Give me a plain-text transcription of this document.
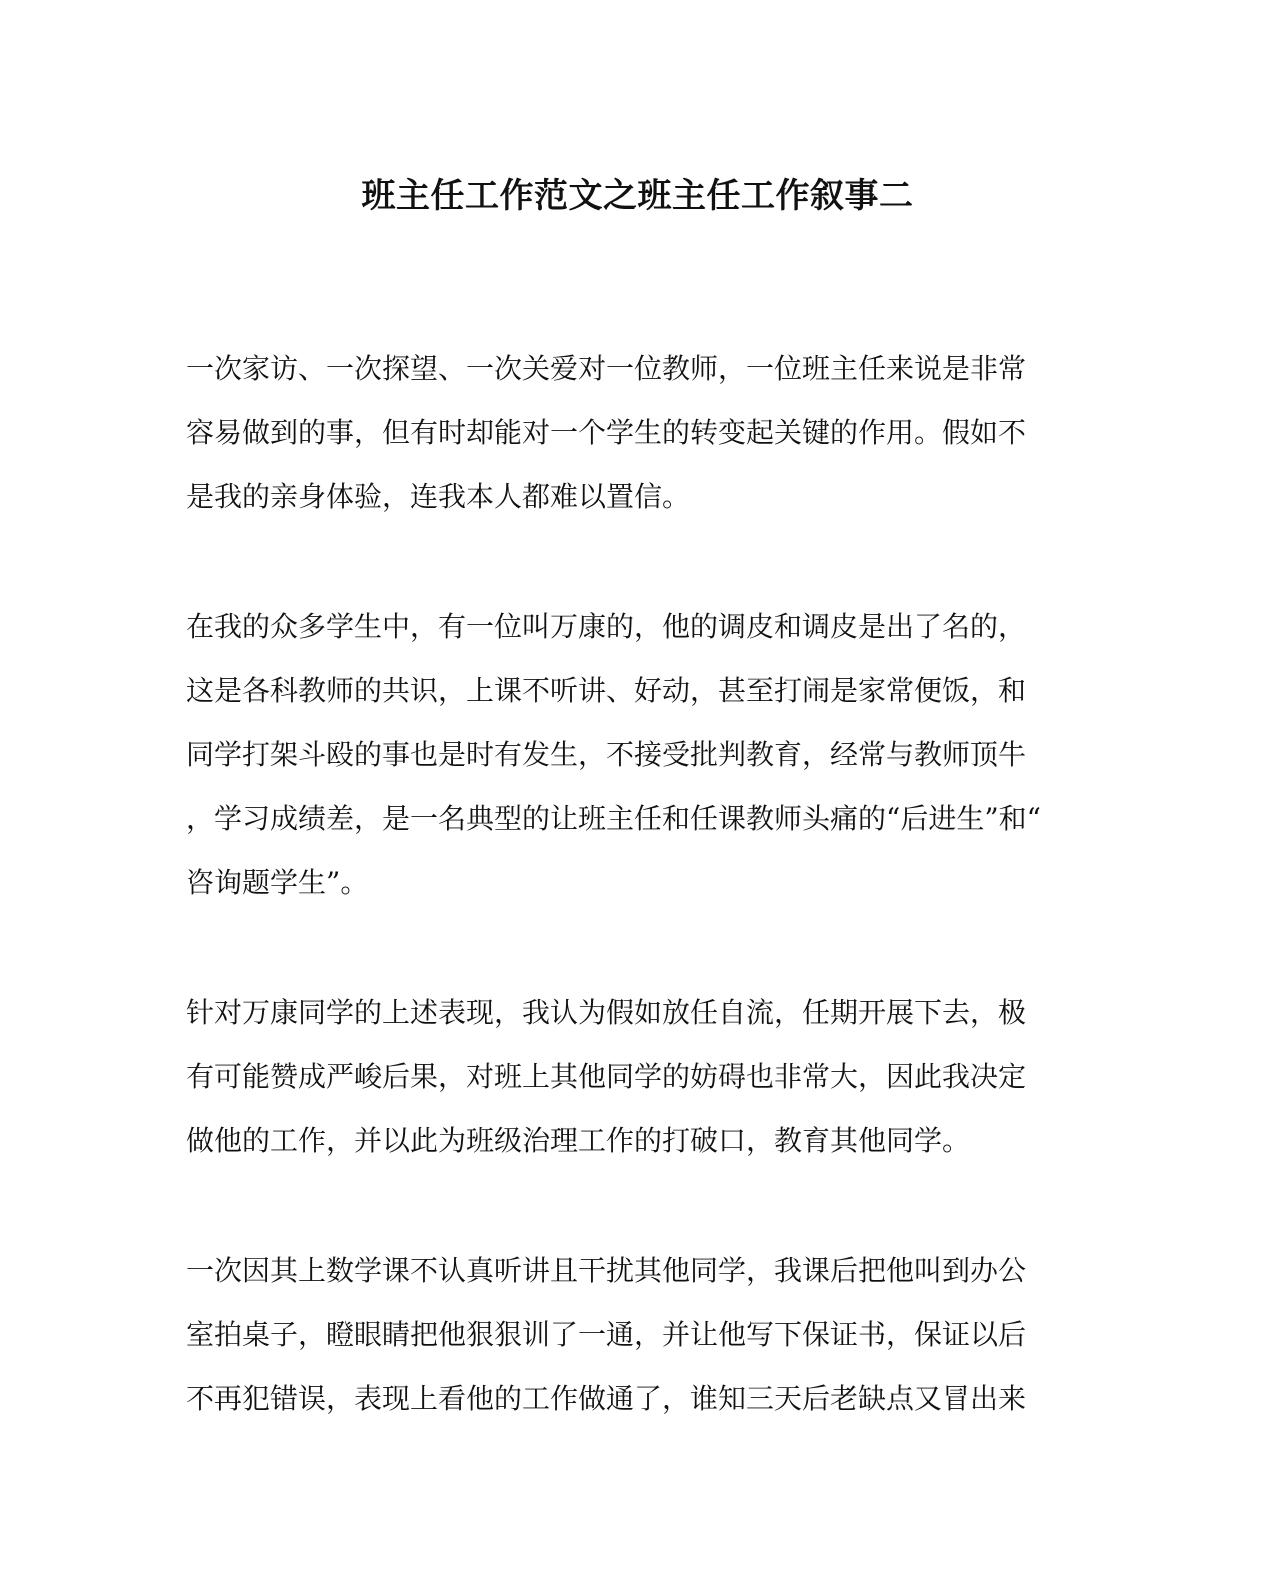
班主任工作范文之班主任工作叙事二
一次家访、一次探望、一次关爱对一位教师，一位班主任来说是非常
容易做到的事，但有时却能对一个学生的转变起关键的作用。假如不
是我的亲身体验，连我本人都难以置信。
在我的众多学生中，有一位叫万康的，他的调皮和调皮是出了名的，
这是各科教师的共识，上课不听讲、好动，甚至打闹是家常便饭，和
同学打架斗殴的事也是时有发生，不接受批判教育，经常与教师顶牛
，学习成绩差，是一名典型的让班主任和任课教师头痛的“后进生”和“
咨询题学生”。
针对万康同学的上述表现，我认为假如放任自流，任期开展下去，极
有可能赞成严峻后果，对班上其他同学的妨碍也非常大，因此我决定
做他的工作，并以此为班级治理工作的打破口，教育其他同学。
一次因其上数学课不认真听讲且干扰其他同学，我课后把他叫到办公
室拍桌子，瞪眼睛把他狠狠训了一通，并让他写下保证书，保证以后
不再犯错误，表现上看他的工作做通了，谁知三天后老缺点又冒出来
